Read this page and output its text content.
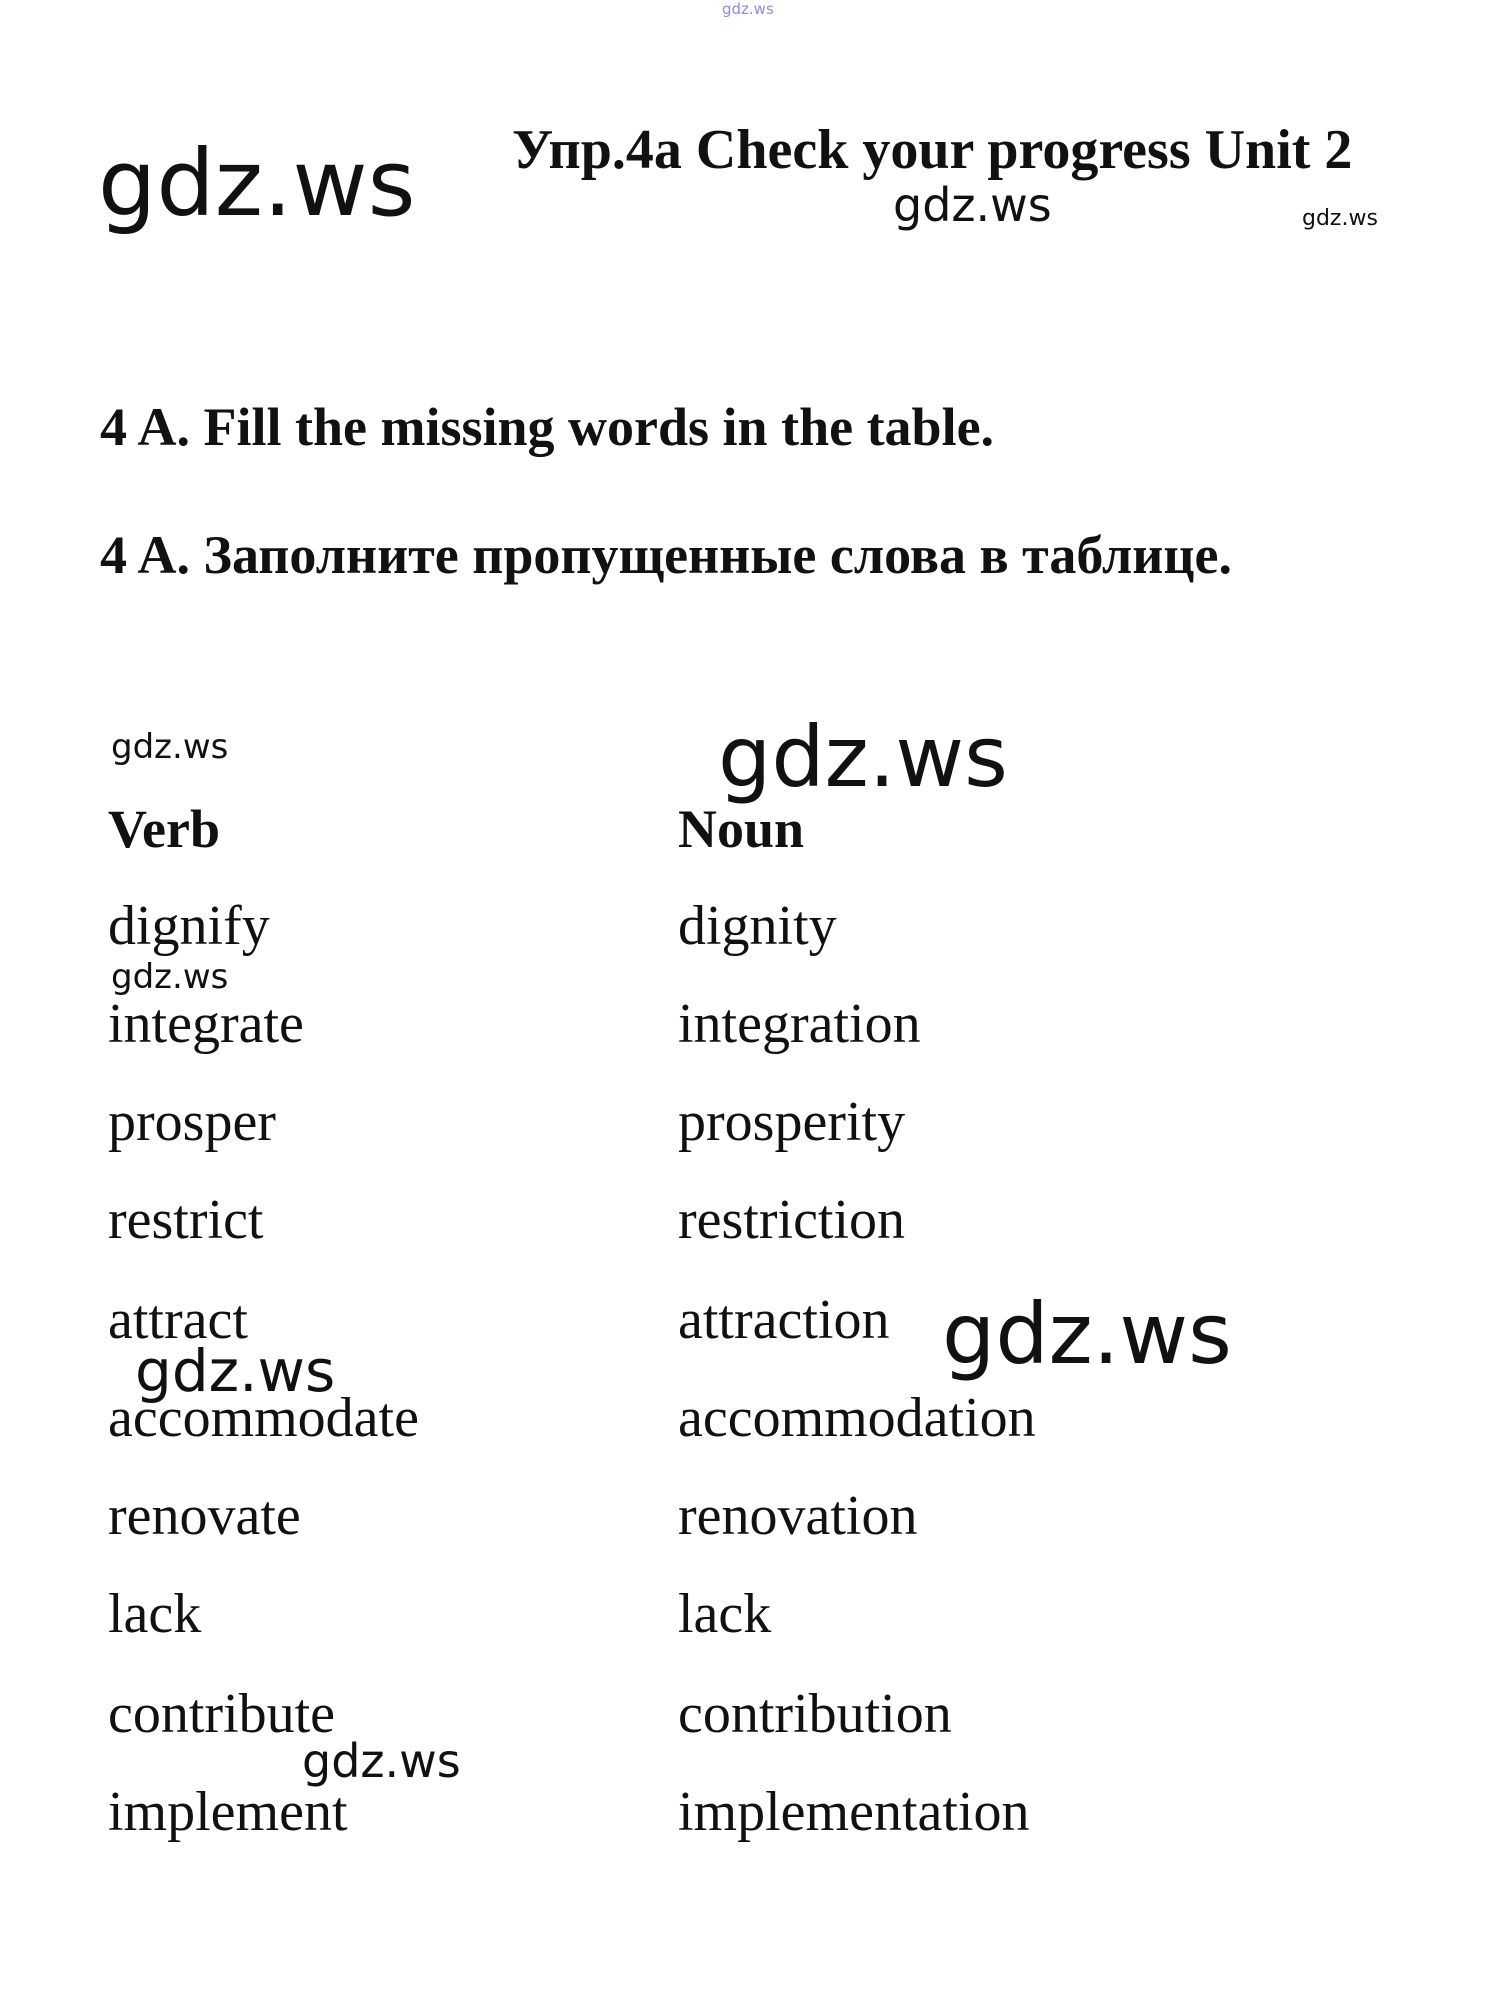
gdz.ws
gdz.ws	gdz.ws	gdz.ws
gdz.ws	gdz.ws
gdz.ws
gdz.ws	gdz.ws
gdz.ws
Упр.4a Check your progress Unit 2
4 A. Fill the missing words in the table.
4 A. Заполните пропущенные слова в таблице.
Verb	Noun
dignify	dignity
integrate	integration
prosper	prosperity
restrict	restriction
attract	attraction
accommodate	accommodation
renovate	renovation
lack	lack
contribute	contribution
implement	implementation
